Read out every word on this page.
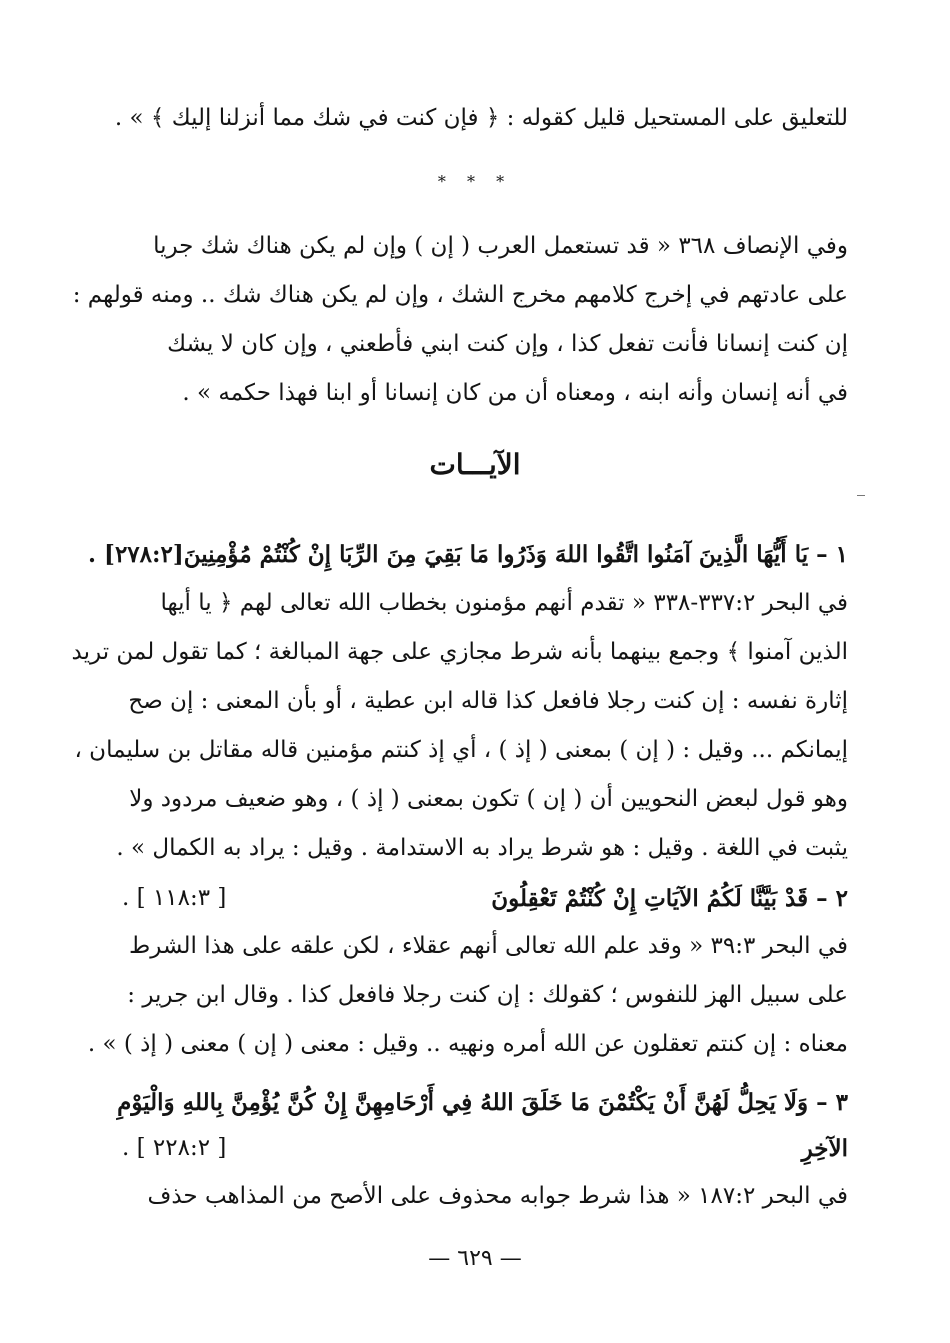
للتعليق على المستحيل قليل كقوله : ﴿ فإن كنت في شك مما أنزلنا إليك ﴾ » .
* * *
وفي الإنصاف ٣٦٨ « قد تستعمل العرب ( إن ) وإن لم يكن هناك شك جريا
على عادتهم في إخرج كلامهم مخرج الشك ، وإن لم يكن هناك شك .. ومنه قولهم :
إن كنت إنسانا فأنت تفعل كذا ، وإن كنت ابني فأطعني ، وإن كان لا يشك
في أنه إنسان وأنه ابنه ، ومعناه أن من كان إنسانا أو ابنا فهذا حكمه » .
الآيـــات
١ – يَا أَيُّهَا الَّذِينَ آمَنُوا اتَّقُوا اللهَ وَذَرُوا مَا بَقِيَ مِنَ الرِّبَا إِنْ كُنْتُمْ مُؤْمِنِينَ[٢٧٨:٢] .
في البحر ٣٣٧:٢-٣٣٨ « تقدم أنهم مؤمنون بخطاب الله تعالى لهم ﴿ يا أيها
الذين آمنوا ﴾ وجمع بينهما بأنه شرط مجازي على جهة المبالغة ؛ كما تقول لمن تريد
إثارة نفسه : إن كنت رجلا فافعل كذا قاله ابن عطية ، أو بأن المعنى : إن صح
إيمانكم ... وقيل : ( إن ) بمعنى ( إذ ) ، أي إذ كنتم مؤمنين قاله مقاتل بن سليمان ،
وهو قول لبعض النحويين أن ( إن ) تكون بمعنى ( إذ ) ، وهو ضعيف مردود ولا
يثبت في اللغة . وقيل : هو شرط يراد به الاستدامة . وقيل : يراد به الكمال » .
٢ – قَدْ بَيَّنَّا لَكُمُ الآيَاتِ إِنْ كُنْتُمْ تَعْقِلُونَ
[ ١١٨:٣ ] .
في البحر ٣٩:٣ « وقد علم الله تعالى أنهم عقلاء ، لكن علقه على هذا الشرط
على سبيل الهز للنفوس ؛ كقولك : إن كنت رجلا فافعل كذا . وقال ابن جرير :
معناه : إن كنتم تعقلون عن الله أمره ونهيه .. وقيل : معنى ( إن ) معنى ( إذ ) » .
٣ – وَلَا يَحِلُّ لَهُنَّ أَنْ يَكْتُمْنَ مَا خَلَقَ اللهُ فِي أَرْحَامِهِنَّ إِنْ كُنَّ يُؤْمِنَّ بِاللهِ وَالْيَوْمِ
الآخِرِ
[ ٢٢٨:٢ ] .
في البحر ١٨٧:٢ « هذا شرط جوابه محذوف على الأصح من المذاهب حذف
— ٦٢٩ —
